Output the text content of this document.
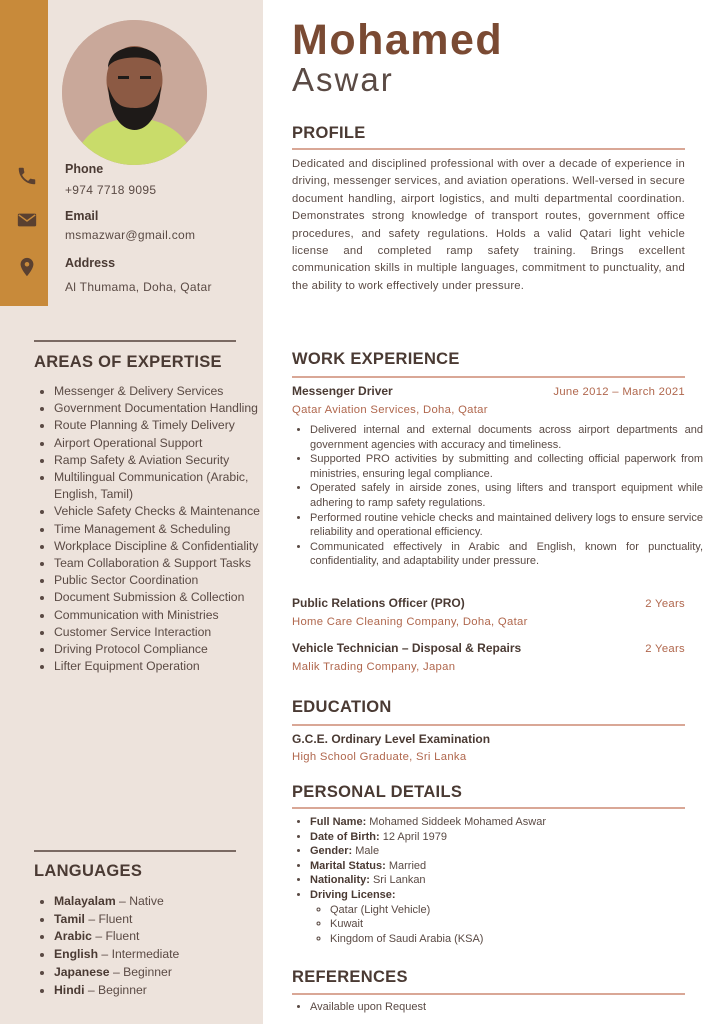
Phone
+974 7718 9095
Email
msmazwar@gmail.com
Address
Al Thumama, Doha, Qatar
AREAS OF EXPERTISE
• Messenger & Delivery Services
• Government Documentation Handling
• Route Planning & Timely Delivery
• Airport Operational Support
• Ramp Safety & Aviation Security
• Multilingual Communication (Arabic, English, Tamil)
• Vehicle Safety Checks & Maintenance
• Time Management & Scheduling
• Workplace Discipline & Confidentiality
• Team Collaboration & Support Tasks
• Public Sector Coordination
• Document Submission & Collection
• Communication with Ministries
• Customer Service Interaction
• Driving Protocol Compliance
• Lifter Equipment Operation
LANGUAGES
• Malayalam – Native
• Tamil – Fluent
• Arabic – Fluent
• English – Intermediate
• Japanese – Beginner
• Hindi – Beginner
Mohamed
Aswar
PROFILE
Dedicated and disciplined professional with over a decade of experience in driving, messenger services, and aviation operations. Well-versed in secure document handling, airport logistics, and multi departmental coordination. Demonstrates strong knowledge of transport routes, government office procedures, and safety regulations. Holds a valid Qatari light vehicle license and completed ramp safety training. Brings excellent communication skills in multiple languages, commitment to punctuality, and the ability to work effectively under pressure.
WORK EXPERIENCE
Messenger Driver	June 2012 – March 2021
Qatar Aviation Services, Doha, Qatar
• Delivered internal and external documents across airport departments and government agencies with accuracy and timeliness.
• Supported PRO activities by submitting and collecting official paperwork from ministries, ensuring legal compliance.
• Operated safely in airside zones, using lifters and transport equipment while adhering to ramp safety regulations.
• Performed routine vehicle checks and maintained delivery logs to ensure service reliability and operational efficiency.
• Communicated effectively in Arabic and English, known for punctuality, confidentiality, and adaptability under pressure.
Public Relations Officer (PRO)	2 Years
Home Care Cleaning Company, Doha, Qatar
Vehicle Technician – Disposal & Repairs	2 Years
Malik Trading Company, Japan
EDUCATION
G.C.E. Ordinary Level Examination
High School Graduate, Sri Lanka
PERSONAL DETAILS
• Full Name: Mohamed Siddeek Mohamed Aswar
• Date of Birth: 12 April 1979
• Gender: Male
• Marital Status: Married
• Nationality: Sri Lankan
• Driving License:
◦ Qatar (Light Vehicle)
◦ Kuwait
◦ Kingdom of Saudi Arabia (KSA)
REFERENCES
• Available upon Request
